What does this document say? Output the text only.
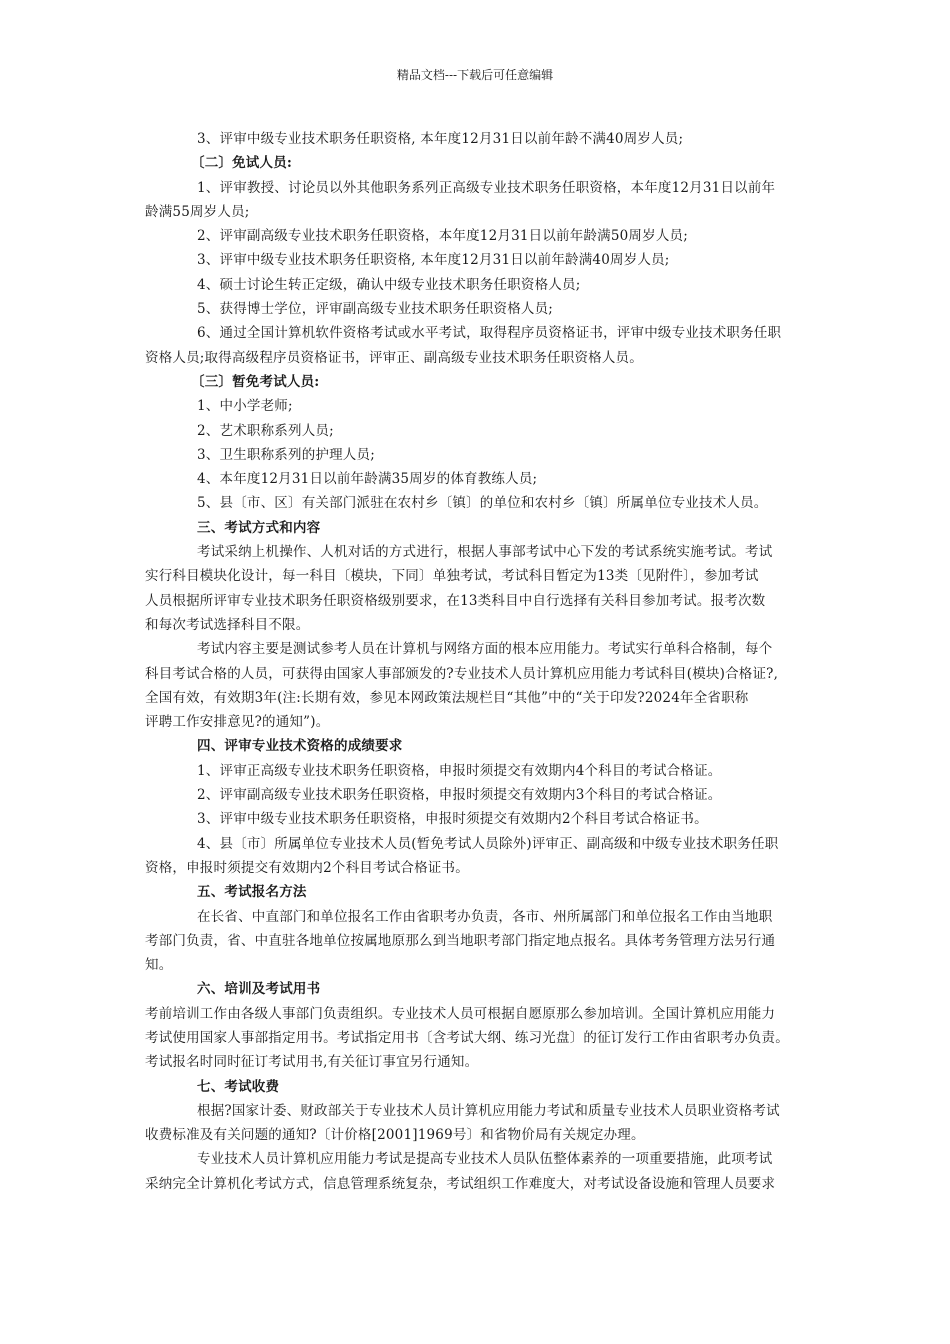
精品文档---下载后可任意编辑

3、评审中级专业技术职务任职资格, 本年度12月31日以前年龄不满40周岁人员;

〔二〕免试人员:

1、评审教授、讨论员以外其他职务系列正高级专业技术职务任职资格，本年度12月31日以前年

龄满55周岁人员;

2、评审副高级专业技术职务任职资格，本年度12月31日以前年龄满50周岁人员;

3、评审中级专业技术职务任职资格, 本年度12月31日以前年龄满40周岁人员;

4、硕士讨论生转正定级，确认中级专业技术职务任职资格人员;

5、获得博士学位，评审副高级专业技术职务任职资格人员;

6、通过全国计算机软件资格考试或水平考试，取得程序员资格证书，评审中级专业技术职务任职

资格人员;取得高级程序员资格证书，评审正、副高级专业技术职务任职资格人员。

〔三〕暂免考试人员:

1、中小学老师;

2、艺术职称系列人员;

3、卫生职称系列的护理人员;

4、本年度12月31日以前年龄满35周岁的体育教练人员;

5、县〔市、区〕有关部门派驻在农村乡〔镇〕的单位和农村乡〔镇〕所属单位专业技术人员。

三、考试方式和内容

考试采纳上机操作、人机对话的方式进行，根据人事部考试中心下发的考试系统实施考试。考试

实行科目模块化设计，每一科目〔模块，下同〕单独考试，考试科目暂定为13类〔见附件〕，参加考试

人员根据所评审专业技术职务任职资格级别要求，在13类科目中自行选择有关科目参加考试。报考次数

和每次考试选择科目不限。

考试内容主要是测试参考人员在计算机与网络方面的根本应用能力。考试实行单科合格制，每个

科目考试合格的人员，可获得由国家人事部颁发的?专业技术人员计算机应用能力考试科目(模块)合格证?,

全国有效，有效期3年(注:长期有效，参见本网政策法规栏目“其他”中的“关于印发?2024年全省职称

评聘工作安排意见?的通知”)。

四、评审专业技术资格的成绩要求

1、评审正高级专业技术职务任职资格，申报时须提交有效期内4个科目的考试合格证。

2、评审副高级专业技术职务任职资格，申报时须提交有效期内3个科目的考试合格证。

3、评审中级专业技术职务任职资格，申报时须提交有效期内2个科目考试合格证书。

4、县〔市〕所属单位专业技术人员(暂免考试人员除外)评审正、副高级和中级专业技术职务任职

资格，申报时须提交有效期内2个科目考试合格证书。

五、考试报名方法

在长省、中直部门和单位报名工作由省职考办负责，各市、州所属部门和单位报名工作由当地职

考部门负责，省、中直驻各地单位按属地原那么到当地职考部门指定地点报名。具体考务管理方法另行通

知。

六、培训及考试用书

考前培训工作由各级人事部门负责组织。专业技术人员可根据自愿原那么参加培训。全国计算机应用能力

考试使用国家人事部指定用书。考试指定用书〔含考试大纲、练习光盘〕的征订发行工作由省职考办负责。

考试报名时同时征订考试用书,有关征订事宜另行通知。

七、考试收费

根据?国家计委、财政部关于专业技术人员计算机应用能力考试和质量专业技术人员职业资格考试

收费标准及有关问题的通知?〔计价格[2001]1969号〕和省物价局有关规定办理。

专业技术人员计算机应用能力考试是提高专业技术人员队伍整体素养的一项重要措施，此项考试

采纳完全计算机化考试方式，信息管理系统复杂，考试组织工作难度大，对考试设备设施和管理人员要求
